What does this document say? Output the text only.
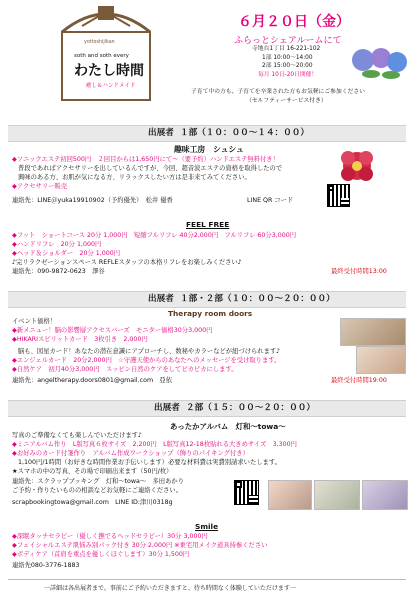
yottoshijikan
soth and soth every
わたし時間
癒し＆ハンドメイド
６月２０日（金）
ふらっとシェアルームにて
寺地台1丁目 16-221-102
1部 10:00～14:00
2部 15:00～20:00
毎月 10日-20日開催！
子育て中の方も、子育てを卒業された方もお気軽にご参加ください
（セルフティーサービス付き）
出展者 １部（１０：００～１４：００）
趣味工房　シュシュ
◆ソニックエステ初回500円　２回目からは1,650円にて～（要予約）ハンドエステ無料付き！
普段であればアクセサリーを出しているんですが、今回、超音波エステの資格を取得したので
興味のある方、お肌が気になる方、リラックスしたい方は是非来てみてください。
◆アクセサリー販売
連絡先：LINE＠yuka19910902（予約優先）　松井 優香	LINE QR コード
FEEL FREE
◆フット　ショートコース 20分 1,000円　短縮フルリフレ 40分2,000円　フルリフレ 60分3,000円
◆ハンドリフレ　20分 1,000円
◆ヘッド＆ショルダー　20分 1,000円
♪完リラクゼーションスペース REFLEスタッフの本格リフレをお楽しみください♪
連絡先：090-9872-0623　澤谷	最終受付時間13:00
出展者 １部・２部（１０：００～２０：００）
Therapy room doors
イベント価格！
◆新メニュー！脳の影響層アクセスバーズ　モニター価格30分3,000円
◆HIKARIスピリットカード　3枚引き　2,000円
脳も、図星カード！あなたの潜在意識にアプローチし、数秘やカラーなどが紐づけられます♪
◆エンジェルカード　20分2,000円　☆守護天使からのあなたへのメッセージを受け取ります。
◆自然ケア　初月40分3,000円　スッピン自然のケアをしてピカピカにします。
連絡先：angeltherapy.doors0801@gmail.com　亞依	最終受付時間19:00
出展者 ２部（１５：００～２０：００）
あったかアルバム　灯和～towa～
写真のご準備なくても楽しんでいただけます♪
◆ミニアルバム作り　L版写真６枚サイズ　2,200円　L版写真12-18枚貼れる大きめサイズ　3,300円
◆お好みのカード付箋作り　アルバム作成ワークショップ（飾りのパイキング付き）
1,100円/1時間（お好きな時間作業お手伝いします）必要な材料費は実費別請求いたします。
★スマホの中の写真、その場で印刷出来ます（50円/枚）
連絡先：スクラップブッキング　灯和～towa～　多田あかり
ご予約・作りたいものの相談などお気軽にご連絡ください。
scrapbookingtowa@gmail.com　LINE ID:津川0318g
Smile
◆深眠タッチセラピー（優しく撫でるヘッドセラピー）30分 3,000円
◆フェイシャルエステ肌悩み別パック付き 30分 2,000円 ※乗宅用メイク道具持参ください
◆ボディケア（首肩を重点を優しくほぐします）30分 1,500円
連絡先080-3776-1883
一詳細は各出展者まで。事前にご予約いただきますと、待ち時間なく体験していただけます一
